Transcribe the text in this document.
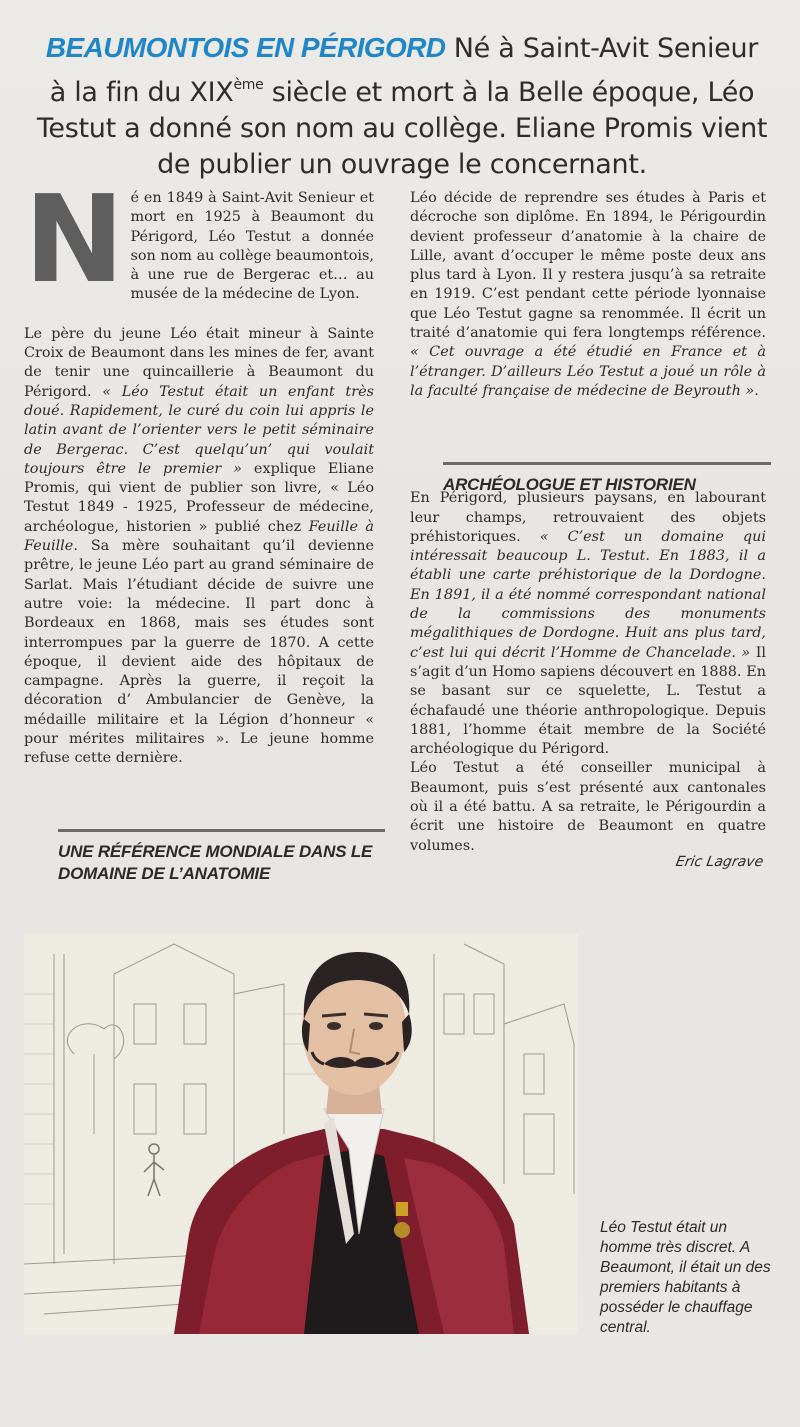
BEAUMONTOIS EN PÉRIGORD Né à Saint-Avit Senieur
à la fin du XIXème siècle et mort à la Belle époque, Léo
Testut a donné son nom au collège. Eliane Promis vient
de publier un ouvrage le concernant.

Né en 1849 à Saint-Avit Senieur et mort en 1925 à Beaumont du Périgord, Léo Testut a donnée son nom au collège beaumontois, à une rue de Bergerac et… au musée de la médecine de Lyon.

Le père du jeune Léo était mineur à Sainte Croix de Beaumont dans les mines de fer, avant de tenir une quincaillerie à Beaumont du Périgord. « Léo Testut était un enfant très doué. Rapidement, le curé du coin lui appris le latin avant de l’orienter vers le petit séminaire de Bergerac. C’est quelqu’un’ qui voulait toujours être le premier » explique Eliane Promis, qui vient de publier son livre, « Léo Testut 1849 - 1925, Professeur de médecine, archéologue, historien » publié chez Feuille à Feuille. Sa mère souhaitant qu’il devienne prêtre, le jeune Léo part au grand séminaire de Sarlat. Mais l’étudiant décide de suivre une autre voie: la médecine. Il part donc à Bordeaux en 1868, mais ses études sont interrompues par la guerre de 1870. A cette époque, il devient aide des hôpitaux de campagne. Après la guerre, il reçoit la décoration d’ Ambulancier de Genève, la médaille militaire et la Légion d’honneur « pour mérites militaires ». Le jeune homme refuse cette dernière.

Léo décide de reprendre ses études à Paris et décroche son diplôme. En 1894, le Périgourdin devient professeur d’anatomie à la chaire de Lille, avant d’occuper le même poste deux ans plus tard à Lyon. Il y restera jusqu’à sa retraite en 1919. C’est pendant cette période lyonnaise que Léo Testut gagne sa renommée. Il écrit un traité d’anatomie qui fera longtemps référence. « Cet ouvrage a été étudié en France et à l’étranger. D’ailleurs Léo Testut a joué un rôle à la faculté française de médecine de Beyrouth ».

En Périgord, plusieurs paysans, en labourant leur champs, retrouvaient des objets préhistoriques. « C’est un domaine qui intéressait beaucoup L. Testut. En 1883, il a établi une carte préhistorique de la Dordogne. En 1891, il a été nommé correspondant national de la commissions des monuments mégalithiques de Dordogne. Huit ans plus tard, c’est lui qui décrit l’Homme de Chancelade. » Il s’agit d’un Homo sapiens découvert en 1888. En se basant sur ce squelette, L. Testut a échafaudé une théorie anthropologique. Depuis 1881, l’homme était membre de la Société archéologique du Périgord.

Léo Testut a été conseiller municipal à Beaumont, puis s’est présenté aux cantonales où il a été battu. A sa retraite, le Périgourdin a écrit une histoire de Beaumont en quatre volumes.

ARCHÉOLOGUE ET HISTORIEN
UNE RÉFÉRENCE MONDIALE DANS LE DOMAINE DE L’ANATOMIE
Eric Lagrave
Léo Testut était un homme très discret. A Beaumont, il était un des premiers habitants à posséder le chauffage central.
